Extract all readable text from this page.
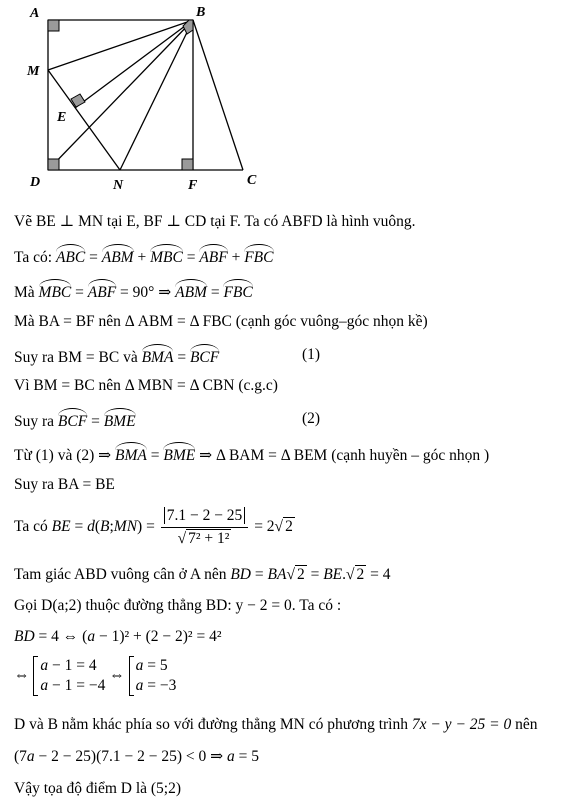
A	B
M
E
D	N	F	C
Vẽ BE ⊥ MN tại E, BF ⊥ CD tại F. Ta có ABFD là hình vuông.
Ta có: ABC = ABM + MBC = ABF + FBC
Mà MBC = ABF = 90° ⇒ ABM = FBC
Mà BA = BF nên Δ ABM = Δ FBC (cạnh góc vuông–góc nhọn kề)
Suy ra BM = BC và BMA = BCF	(1)
Vì BM = BC nên Δ MBN = Δ CBN (c.g.c)
Suy ra BCF = BME	(2)
Từ (1) và (2) ⇒ BMA = BME ⇒ Δ BAM = Δ BEM (cạnh huyền – góc nhọn )
Suy ra BA = BE
Ta có BE = d(B;MN) = $\frac{7.1 - 2 - 25}{\text{√ 7² + 1²}} = 2√$ 2
Tam giác ABD vuông cân ở A nên BD = BA√ 2 = BE.√ 2 = 4
Gọi D(a;2) thuộc đường thẳng BD: y − 2 = 0. Ta có :
BD = 4 ⇔ (a − 1)² + (2 − 2)² = 4²
⇔
a − 1 = 4
a − 1 = −4
⇔
a = 5
a = −3
D và B nằm khác phía so với đường thẳng MN có phương trình 7x − y − 25 = 0 nên
(7a − 2 − 25)(7.1 − 2 − 25) < 0 ⇒ a = 5
Vậy tọa độ điểm D là (5;2)
